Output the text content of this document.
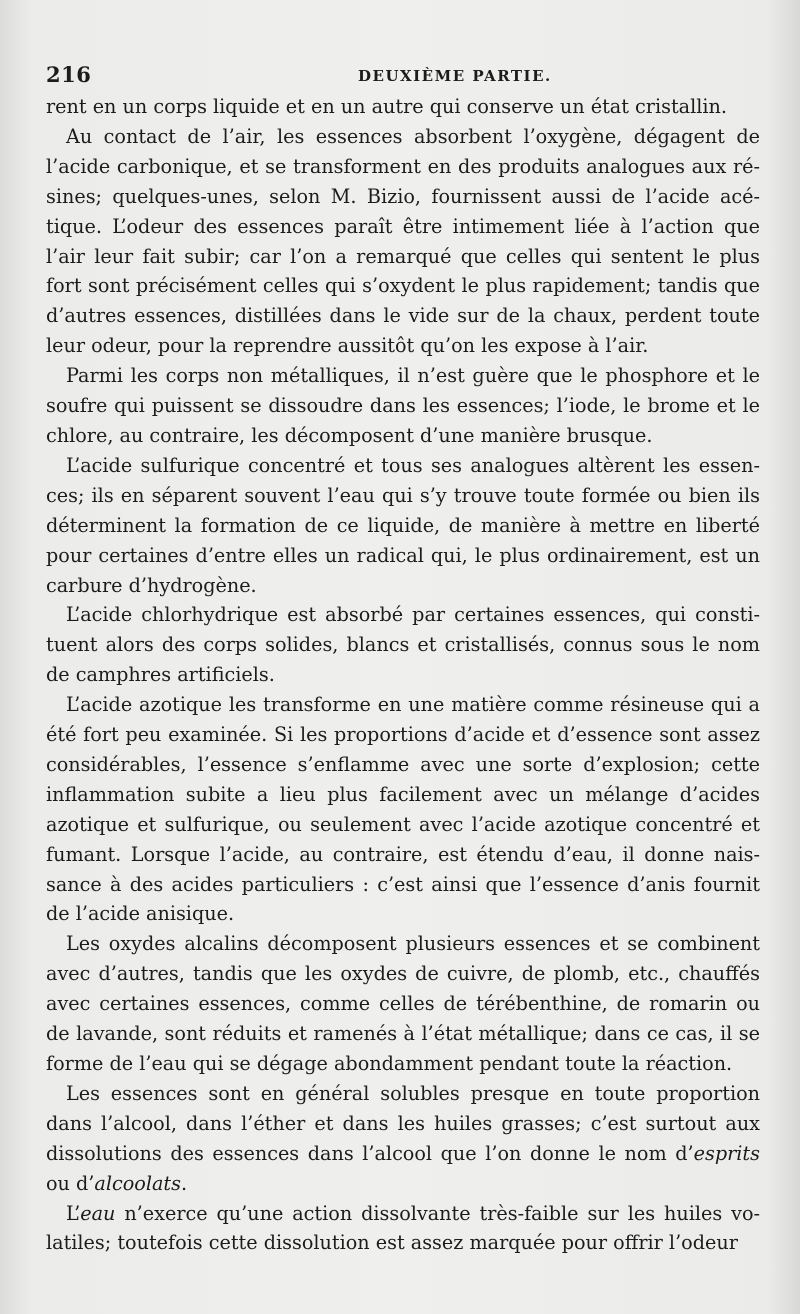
216	DEUXIÈME PARTIE.

rent en un corps liquide et en un autre qui conserve un état cristallin.

Au contact de l’air, les essences absorbent l’oxygène, dégagent de l’acide carbonique, et se transforment en des produits analogues aux résines; quelques-unes, selon M. Bizio, fournissent aussi de l’acide acétique. L’odeur des essences paraît être intimement liée à l’action que l’air leur fait subir; car l’on a remarqué que celles qui sentent le plus fort sont précisément celles qui s’oxydent le plus rapidement; tandis que d’autres essences, distillées dans le vide sur de la chaux, perdent toute leur odeur, pour la reprendre aussitôt qu’on les expose à l’air.

Parmi les corps non métalliques, il n’est guère que le phosphore et le soufre qui puissent se dissoudre dans les essences; l’iode, le brome et le chlore, au contraire, les décomposent d’une manière brusque.

L’acide sulfurique concentré et tous ses analogues altèrent les essences; ils en séparent souvent l’eau qui s’y trouve toute formée ou bien ils déterminent la formation de ce liquide, de manière à mettre en liberté pour certaines d’entre elles un radical qui, le plus ordinairement, est un carbure d’hydrogène.

L’acide chlorhydrique est absorbé par certaines essences, qui constituent alors des corps solides, blancs et cristallisés, connus sous le nom de camphres artificiels.

L’acide azotique les transforme en une matière comme résineuse qui a été fort peu examinée. Si les proportions d’acide et d’essence sont assez considérables, l’essence s’enflamme avec une sorte d’explosion; cette inflammation subite a lieu plus facilement avec un mélange d’acides azotique et sulfurique, ou seulement avec l’acide azotique concentré et fumant. Lorsque l’acide, au contraire, est étendu d’eau, il donne naissance à des acides particuliers : c’est ainsi que l’essence d’anis fournit de l’acide anisique.

Les oxydes alcalins décomposent plusieurs essences et se combinent avec d’autres, tandis que les oxydes de cuivre, de plomb, etc., chauffés avec certaines essences, comme celles de térébenthine, de romarin ou de lavande, sont réduits et ramenés à l’état métallique; dans ce cas, il se forme de l’eau qui se dégage abondamment pendant toute la réaction.

Les essences sont en général solubles presque en toute proportion dans l’alcool, dans l’éther et dans les huiles grasses; c’est surtout aux dissolutions des essences dans l’alcool que l’on donne le nom d’esprits ou d’alcoolats.

L’eau n’exerce qu’une action dissolvante très-faible sur les huiles volatiles; toutefois cette dissolution est assez marquée pour offrir l’odeur
